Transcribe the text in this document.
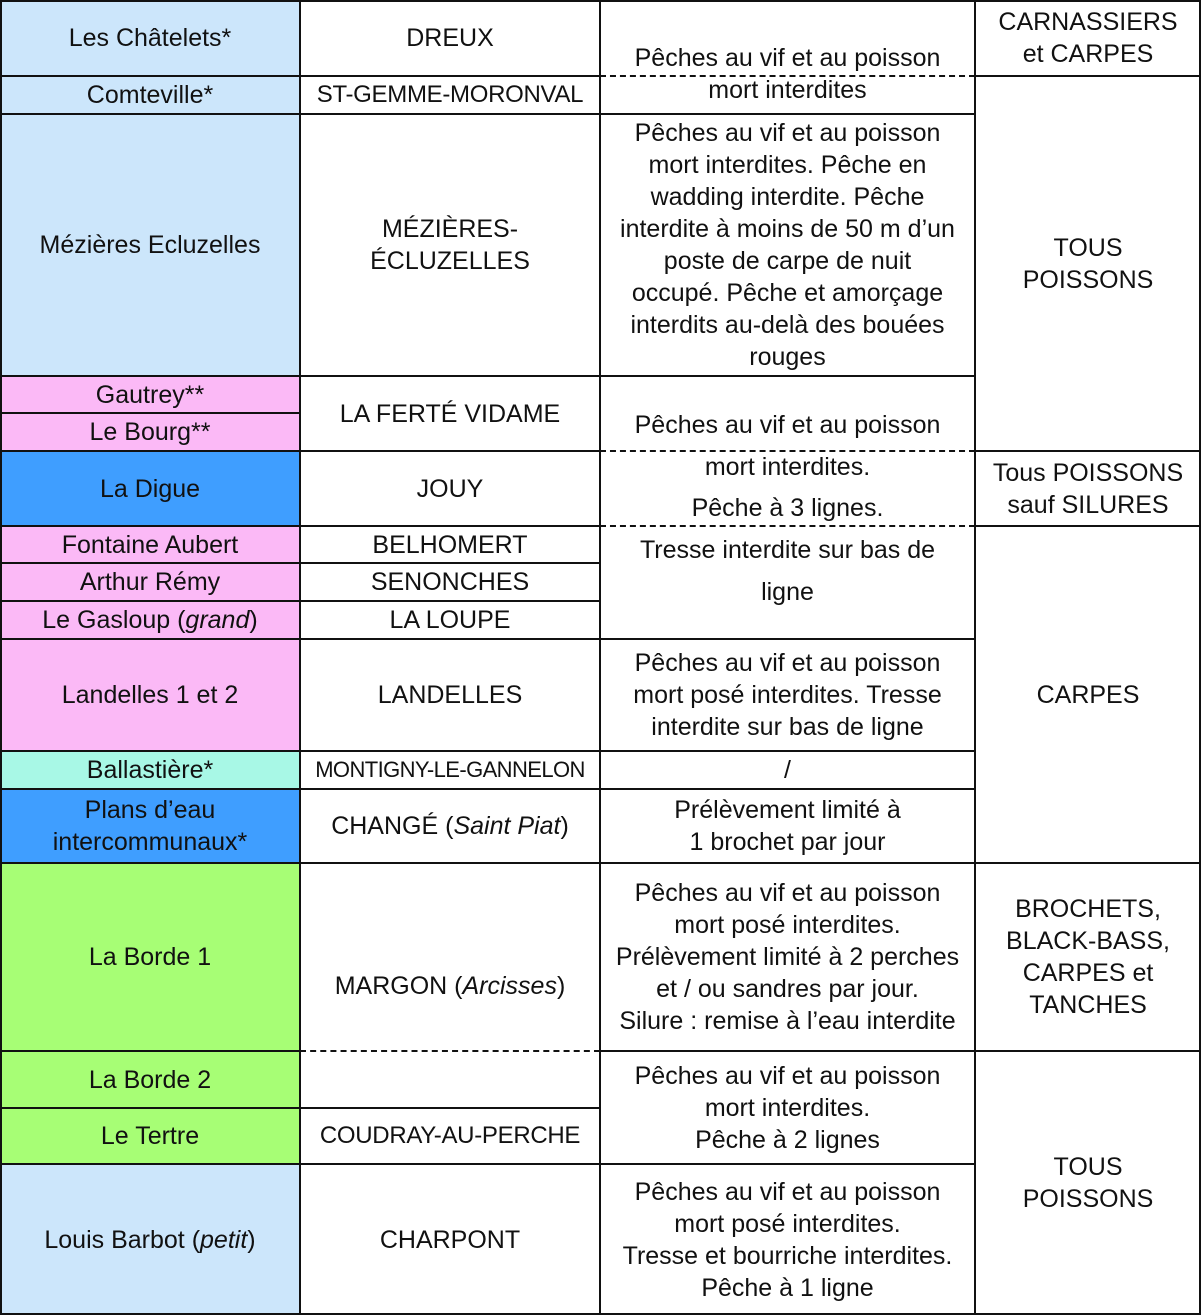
Les Châtelets*
Comteville*
Mézières Ecluzelles
Gautrey**
Le Bourg**
La Digue
Fontaine Aubert
Arthur Rémy
Le Gasloup (grand)
Landelles 1 et 2
Ballastière*
Plans d’eau
intercommunaux*
La Borde 1
La Borde 2
Le Tertre
Louis Barbot (petit)
DREUX
ST-GEMME-MORONVAL
MÉZIÈRES-
ÉCLUZELLES
LA FERTÉ VIDAME
JOUY
BELHOMERT
SENONCHES
LA LOUPE
LANDELLES
MONTIGNY-LE-GANNELON
CHANGÉ (Saint Piat)
MARGON (Arcisses)
COUDRAY-AU-PERCHE
CHARPONT
Pêches au vif et au poisson
mort interdites
Pêches au vif et au poisson
mort interdites. Pêche en
wadding interdite. Pêche
interdite à moins de 50 m d’un
poste de carpe de nuit
occupé. Pêche et amorçage
interdits au-delà des bouées
rouges
Pêches au vif et au poisson
mort interdites.
Pêche à 3 lignes.
Tresse interdite sur bas de
ligne
Pêches au vif et au poisson
mort posé interdites. Tresse
interdite sur bas de ligne
/
Prélèvement limité à
1 brochet par jour
Pêches au vif et au poisson
mort posé interdites.
Prélèvement limité à 2 perches
et / ou sandres par jour.
Silure : remise à l’eau interdite
Pêches au vif et au poisson
mort interdites.
Pêche à 2 lignes
Pêches au vif et au poisson
mort posé interdites.
Tresse et bourriche interdites.
Pêche à 1 ligne
CARNASSIERS
et CARPES
TOUS
POISSONS
Tous POISSONS
sauf SILURES
CARPES
BROCHETS,
BLACK-BASS,
CARPES et
TANCHES
TOUS
POISSONS
